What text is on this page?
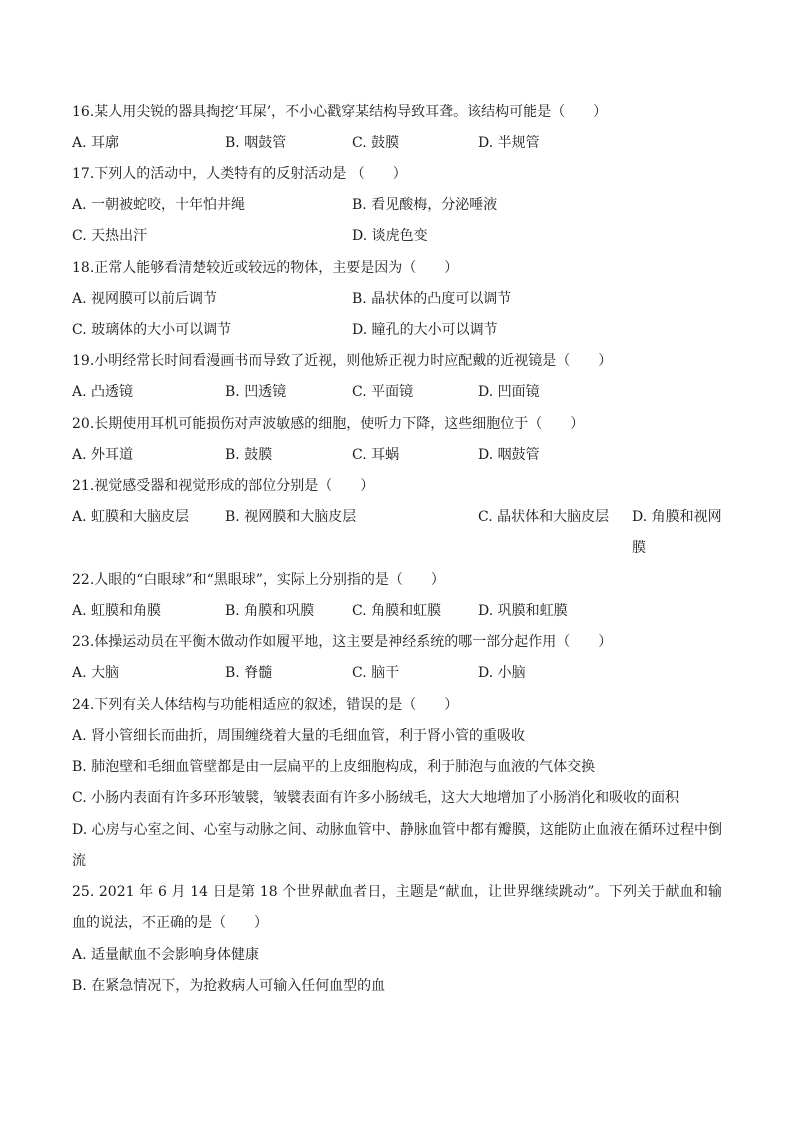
16.某人用尖锐的器具掏挖‘耳屎’，不小心戳穿某结构导致耳聋。该结构可能是（　　）
A. 耳廓	B. 咽鼓管	C. 鼓膜	D. 半规管
17.下列人的活动中，人类特有的反射活动是 （　　）
A. 一朝被蛇咬，十年怕井绳	B. 看见酸梅，分泌唾液
C. 天热出汗	D. 谈虎色变
18.正常人能够看清楚较近或较远的物体，主要是因为（　　）
A. 视网膜可以前后调节	B. 晶状体的凸度可以调节
C. 玻璃体的大小可以调节	D. 瞳孔的大小可以调节
19.小明经常长时间看漫画书而导致了近视，则他矫正视力时应配戴的近视镜是（　　）
A. 凸透镜	B. 凹透镜	C. 平面镜	D. 凹面镜
20.长期使用耳机可能损伤对声波敏感的细胞，使听力下降，这些细胞位于（　　）
A. 外耳道	B. 鼓膜	C. 耳蜗	D. 咽鼓管
21.视觉感受器和视觉形成的部位分别是（　　）
A. 虹膜和大脑皮层	B. 视网膜和大脑皮层	C. 晶状体和大脑皮层 D. 角膜和视网膜
22.人眼的“白眼球”和“黑眼球”，实际上分别指的是（　　）
A. 虹膜和角膜	B. 角膜和巩膜	C. 角膜和虹膜	D. 巩膜和虹膜
23.体操运动员在平衡木做动作如履平地，这主要是神经系统的哪一部分起作用（　　）
A. 大脑	B. 脊髓	C. 脑干	D. 小脑
24.下列有关人体结构与功能相适应的叙述，错误的是（　　）
A. 肾小管细长而曲折，周围缠绕着大量的毛细血管，利于肾小管的重吸收
B. 肺泡壁和毛细血管壁都是由一层扁平的上皮细胞构成，利于肺泡与血液的气体交换
C. 小肠内表面有许多环形皱襞，皱襞表面有许多小肠绒毛，这大大地增加了小肠消化和吸收的面积
D. 心房与心室之间、心室与动脉之间、动脉血管中、静脉血管中都有瓣膜，这能防止血液在循环过程中倒流
25. 2021 年 6 月 14 日是第 18 个世界献血者日，主题是“献血，让世界继续跳动”。下列关于献血和输血的说法，不正确的是（　　）
A. 适量献血不会影响身体健康
B. 在紧急情况下，为抢救病人可输入任何血型的血
